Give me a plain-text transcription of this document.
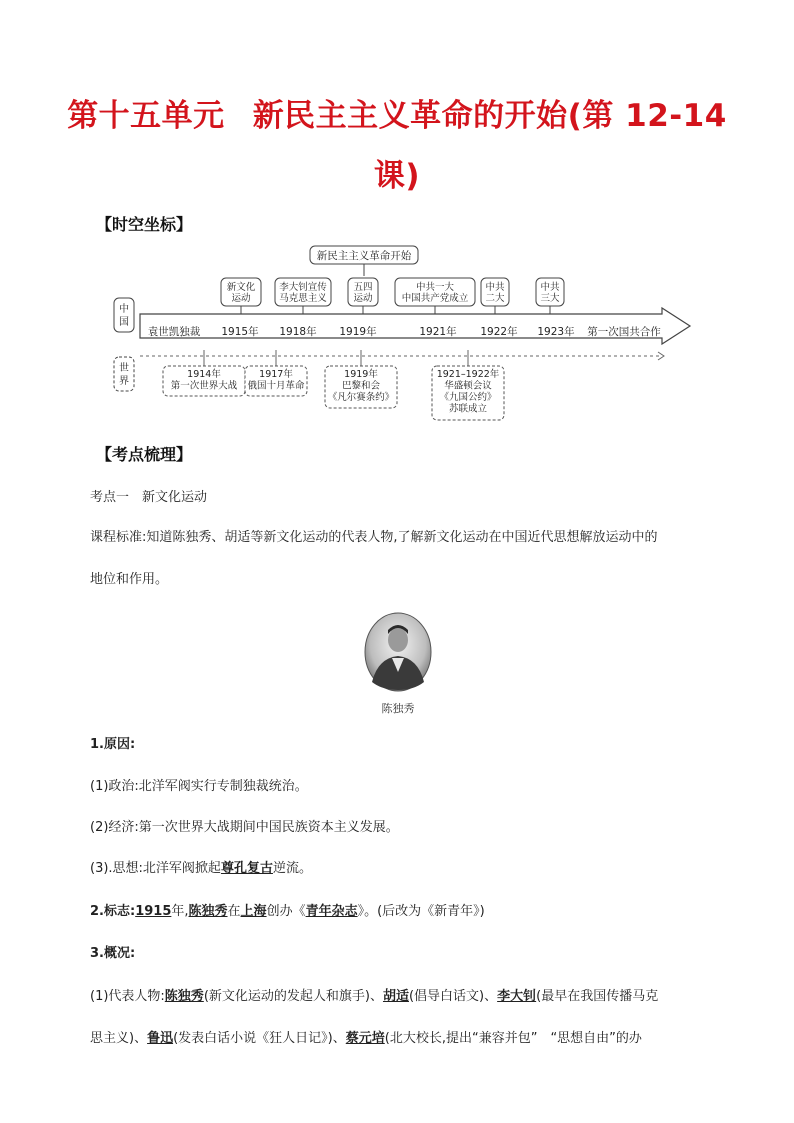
第十五单元 新民主主义革命的开始(第 12-14
课)
【时空坐标】
中
国
世
界
袁世凯独裁 1915年 1918年 1919年	1921年 1922年 1923年 第一次国共合作
新民主主义革命开始
新文化
运动
李大钊宣传
马克思主义
五四
运动
中共一大
中国共产党成立
中共
二大
中共
三大
1914年
第一次世界大战
1917年
俄国十月革命
1919年
巴黎和会
《凡尔赛条约》
1921–1922年
华盛顿会议
《九国公约》
苏联成立
【考点梳理】
考点一　新文化运动
课程标准:知道陈独秀、胡适等新文化运动的代表人物,了解新文化运动在中国近代思想解放运动中的
地位和作用。
陈独秀
1.原因:
(1)政治:北洋军阀实行专制独裁统治。
(2)经济:第一次世界大战期间中国民族资本主义发展。
(3).思想:北洋军阀掀起尊孔复古逆流。
2.标志:1915年,陈独秀在上海创办《青年杂志》。(后改为《新青年》)
3.概况:
(1)代表人物:陈独秀(新文化运动的发起人和旗手)、胡适(倡导白话文)、李大钊(最早在我国传播马克
思主义)、鲁迅(发表白话小说《狂人日记》)、蔡元培(北大校长,提出“兼容并包”　“思想自由”的办
